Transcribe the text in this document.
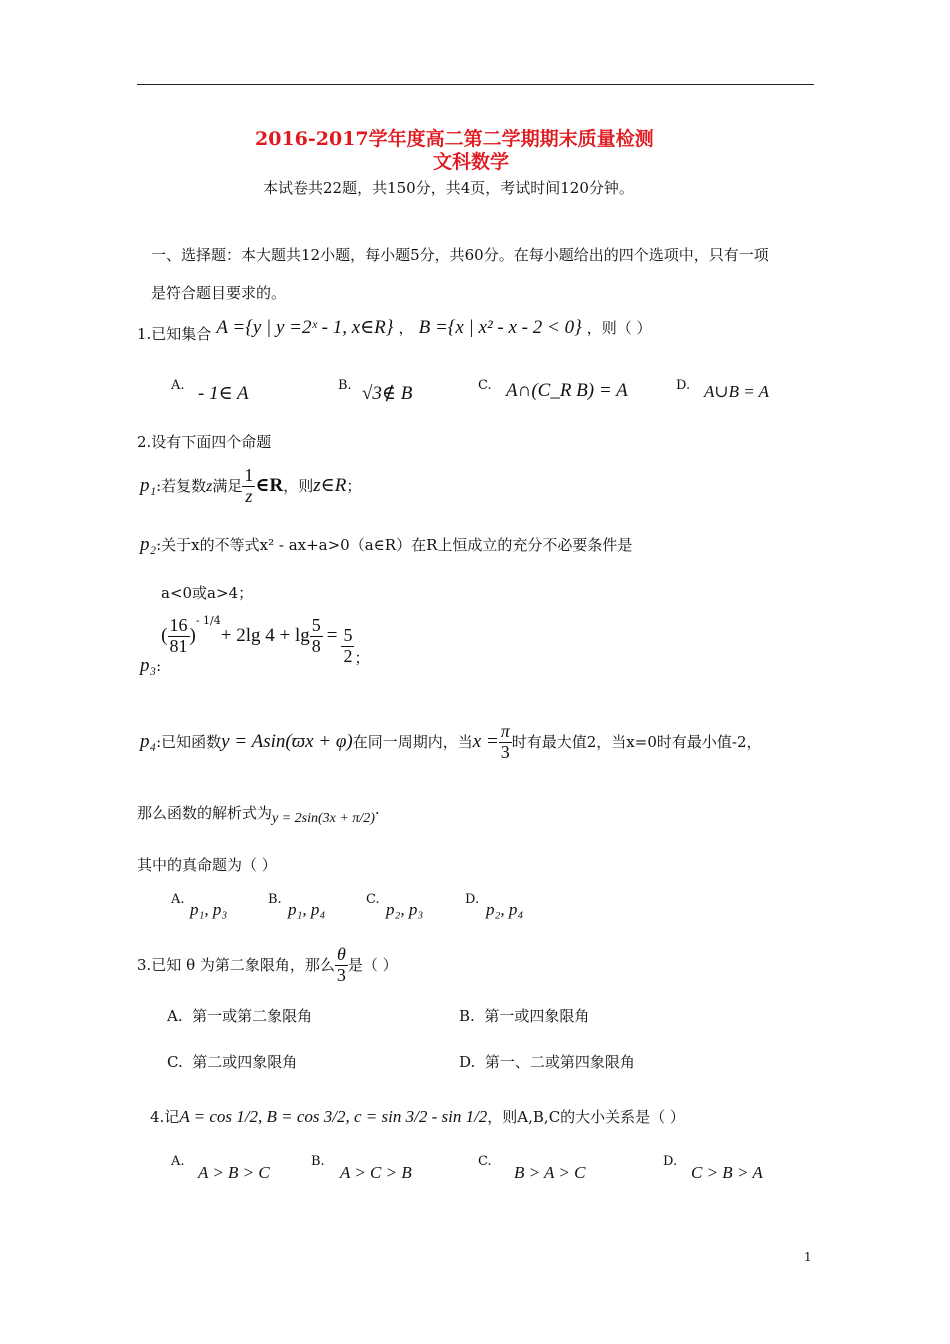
2016-2017学年度高二第二学期期末质量检测
文科数学
本试卷共22题，共150分，共4页，考试时间120分钟。
一、选择题：本大题共12小题，每小题5分，共60分。在每小题给出的四个选项中，只有一项
是符合题目要求的。
1.已知集合 A ={y | y =2ˣ - 1, x∈R} ， B ={x | x² - x - 2 < 0} ，则（ ）
A. - 1∈ A	B. √3∉ B	C. A∩(C_R B) = A	D. A∪B = A
2.设有下面四个命题
p₁:若复数z满足 $\frac{1}{z}$ ∈R，则z∈R；
p₂:关于x的不等式x² - ax+a>0（a∈R）在R上恒成立的充分不必要条件是
a<0或a>4；
p₃:( $\frac{16}{81} )^{- 1/4}+ 2\lg$ $4 + \lg \frac{5}{8} = \frac{5}{2}$ ；
p₄:已知函数y = Asin(ϖx + φ)在同一周期内，当$x = \frac{\pi}{3}$ 时有最大值2，当x=0时有最小值-2，
那么函数的解析式为y = 2sin(3x + π/2)·
其中的真命题为（ ）
A.
p₁, p₃
B.
p₁, p₄
C.
p₂, p₃
D.
p₂, p₄
3.已知 θ 为第二象限角，那么 $\frac{\theta}{3}$ 是（ ）
A. 第一或第二象限角	B. 第一或四象限角
C. 第二或四象限角	D. 第一、二或第四象限角
4.记A = cos 1/2, B = cos 3/2, c = sin 3/2 - sin 1/2，则A,B,C的大小关系是（ ）
A.
A > B > C
B.
A > C > B
C.
B > A > C
D.
C > B > A
1
